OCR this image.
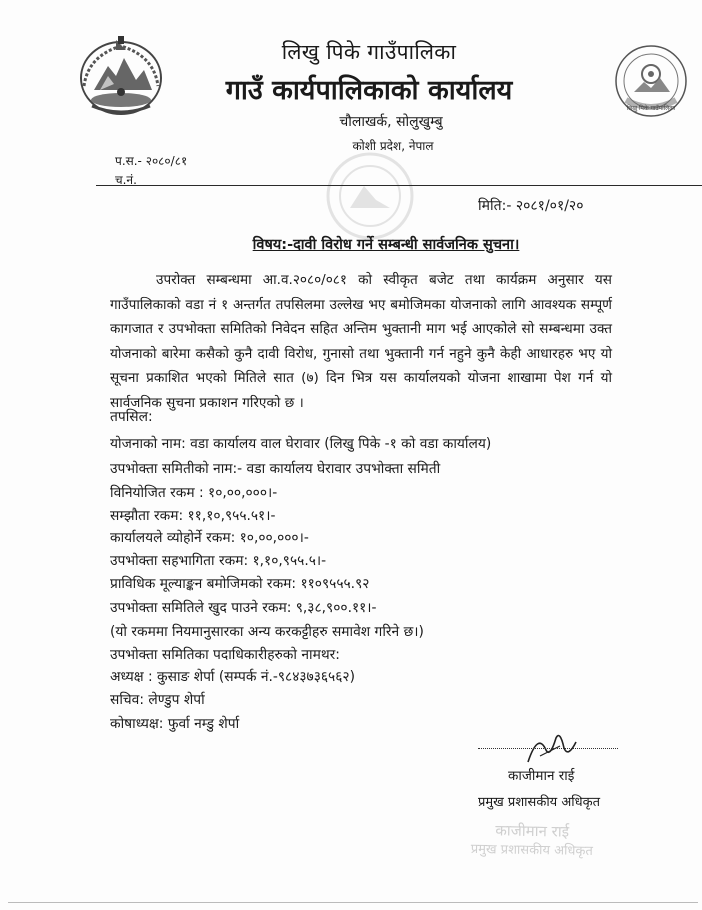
लिखु पिके गाउँपालिका
लिखु पिके गाउँपालिका
गाउँ कार्यपालिकाको कार्यालय
चौलाखर्क, सोलुखुम्बु
कोशी प्रदेश, नेपाल
प.स.- २०८०/८१
च.नं.
मिति:- २०८१/०१/२०
विषय:-दावी विरोध गर्ने सम्बन्धी सार्वजनिक सुचना।
उपरोक्त सम्बन्धमा आ.व.२०८०/०८१ को स्वीकृत बजेट तथा कार्यक्रम अनुसार यस गाउँपालिकाको वडा नं १ अन्तर्गत तपसिलमा उल्लेख भए बमोजिमका योजनाको लागि आवश्यक सम्पूर्ण कागजात र उपभोक्ता समितिको निवेदन सहित अन्तिम भुक्तानी माग भई आएकोले सो सम्बन्धमा उक्त योजनाको बारेमा कसैको कुनै दावी विरोध, गुनासो तथा भुक्तानी गर्न नहुने कुनै केही आधारहरु भए यो सूचना प्रकाशित भएको मितिले सात (७) दिन भित्र यस कार्यालयको योजना शाखामा पेश गर्न यो सार्वजनिक सुचना प्रकाशन गरिएको छ ।
तपसिल:
योजनाको नाम: वडा कार्यालय वाल घेरावार (लिखु पिके -१ को वडा कार्यालय)
उपभोक्ता समितीको नाम:- वडा कार्यालय घेरावार उपभोक्ता समिती
विनियोजित रकम : १०,००,०००।-
सम्झौता रकम: ११,१०,९५५.५१।-
कार्यालयले व्योहोर्ने रकम: १०,००,०००।-
उपभोक्ता सहभागिता रकम: १,१०,९५५.५।-
प्राविधिक मूल्याङ्कन बमोजिमको रकम: ११०९५५५.९२
उपभोक्ता समितिले खुद पाउने रकम: ९,३८,९००.११।-
(यो रकममा नियमानुसारका अन्य करकट्टीहरु समावेश गरिने छ।)
उपभोक्ता समितिका पदाधिकारीहरुको नामथर:
अध्यक्ष : कुसाङ शेर्पा (सम्पर्क नं.-९८४३७३६५६२)
सचिव: लेण्डुप शेर्पा
कोषाध्यक्ष: फुर्वा नम्डु शेर्पा
काजीमान राई
प्रमुख प्रशासकीय अधिकृत
काजीमान राई
प्रमुख प्रशासकीय अधिकृत
